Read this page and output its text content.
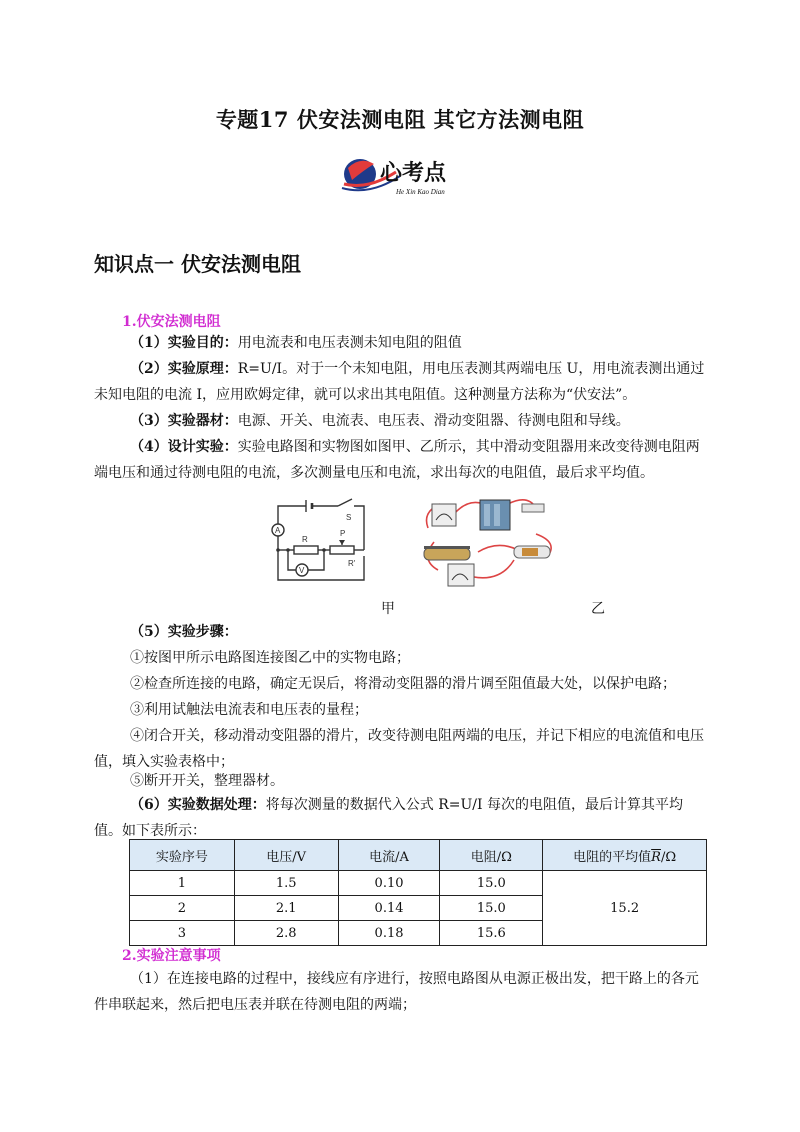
专题17 伏安法测电阻 其它方法测电阻
心考点
He Xin Kao Dian
知识点一 伏安法测电阻
1.伏安法测电阻
（1）实验目的：用电流表和电压表测未知电阻的阻值
（2）实验原理：R=U/I。对于一个未知电阻，用电压表测其两端电压 U，用电流表测出通过未知电阻的电流 I，应用欧姆定律，就可以求出其电阻值。这种测量方法称为“伏安法”。
（3）实验器材：电源、开关、电流表、电压表、滑动变阻器、待测电阻和导线。
（4）设计实验：实验电路图和实物图如图甲、乙所示，其中滑动变阻器用来改变待测电阻两端电压和通过待测电阻的电流，多次测量电压和电流，求出每次的电阻值，最后求平均值。
A
V
R
S
P
R'
甲	乙
（5）实验步骤：
①按图甲所示电路图连接图乙中的实物电路；
②检查所连接的电路，确定无误后，将滑动变阻器的滑片调至阻值最大处，以保护电路；
③利用试触法电流表和电压表的量程；
④闭合开关，移动滑动变阻器的滑片，改变待测电阻两端的电压，并记下相应的电流值和电压值，填入实验表格中；
⑤断开开关，整理器材。
（6）实验数据处理：将每次测量的数据代入公式 R=U/I 每次的电阻值，最后计算其平均值。如下表所示：
实验序号	电压/V	电流/A	电阻/Ω	电阻的平均值$\overline{R}/\Omega$
1	1.5	0.10	15.0	15.2
2	2.1	0.14	15.0	
3	2.8	0.18	15.6	
2.实验注意事项
（1）在连接电路的过程中，接线应有序进行，按照电路图从电源正极出发，把干路上的各元件串联起来，然后把电压表并联在待测电阻的两端；
